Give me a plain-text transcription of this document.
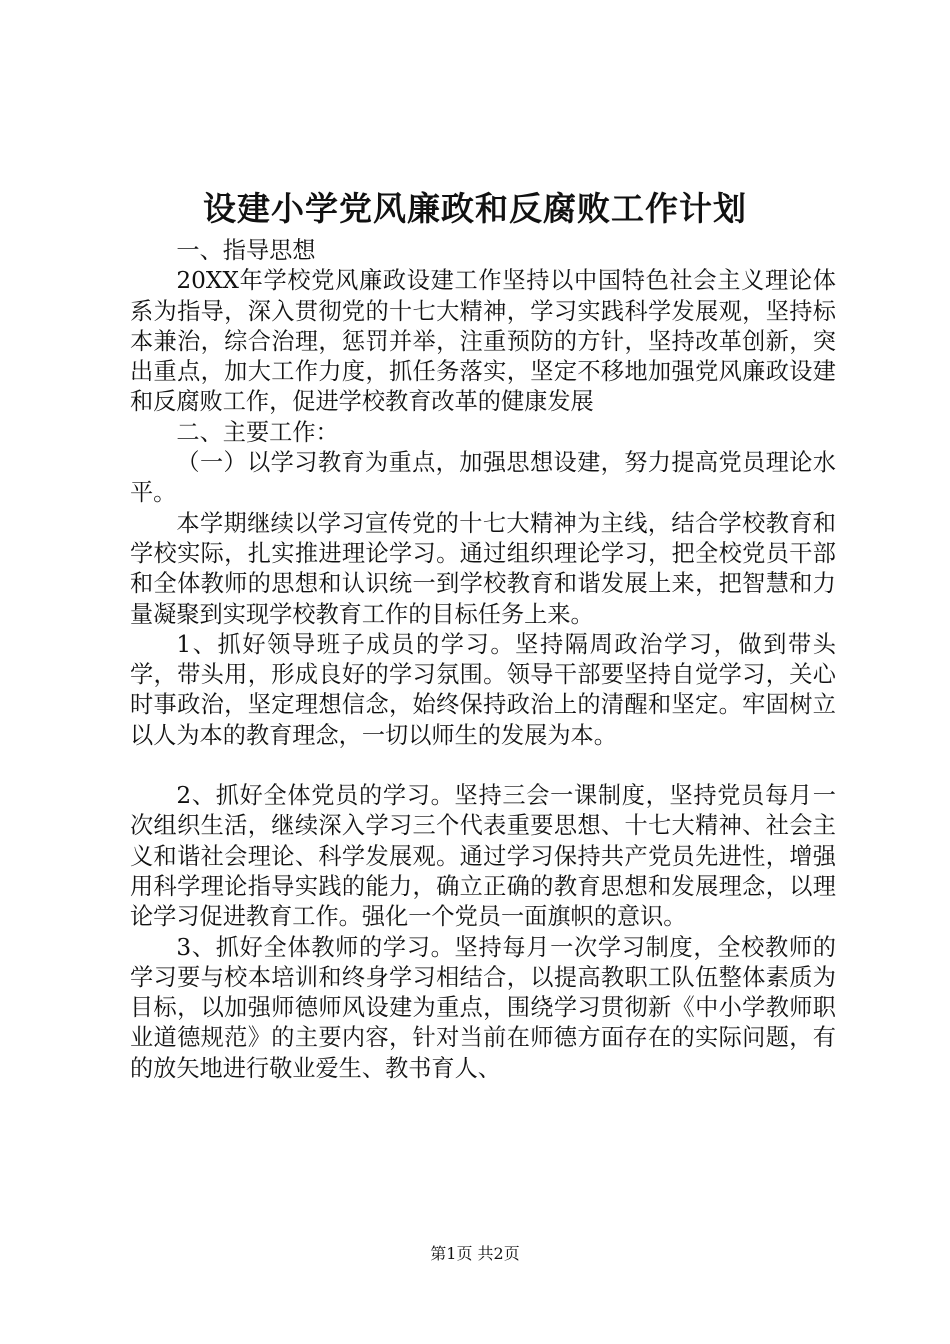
设建小学党风廉政和反腐败工作计划

一、指导思想

20XX年学校党风廉政设建工作坚持以中国特色社会主义理论体系为指导，深入贯彻党的十七大精神，学习实践科学发展观，坚持标本兼治，综合治理，惩罚并举，注重预防的方针，坚持改革创新，突出重点，加大工作力度，抓任务落实，坚定不移地加强党风廉政设建和反腐败工作，促进学校教育改革的健康发展

二、主要工作：

（一）以学习教育为重点，加强思想设建，努力提高党员理论水平。

本学期继续以学习宣传党的十七大精神为主线，结合学校教育和学校实际，扎实推进理论学习。通过组织理论学习，把全校党员干部和全体教师的思想和认识统一到学校教育和谐发展上来，把智慧和力量凝聚到实现学校教育工作的目标任务上来。

1、抓好领导班子成员的学习。坚持隔周政治学习，做到带头学，带头用，形成良好的学习氛围。领导干部要坚持自觉学习，关心时事政治，坚定理想信念，始终保持政治上的清醒和坚定。牢固树立以人为本的教育理念，一切以师生的发展为本。

2、抓好全体党员的学习。坚持三会一课制度，坚持党员每月一次组织生活，继续深入学习三个代表重要思想、十七大精神、社会主义和谐社会理论、科学发展观。通过学习保持共产党员先进性，增强用科学理论指导实践的能力，确立正确的教育思想和发展理念，以理论学习促进教育工作。强化一个党员一面旗帜的意识。

3、抓好全体教师的学习。坚持每月一次学习制度，全校教师的学习要与校本培训和终身学习相结合，以提高教职工队伍整体素质为目标，以加强师德师风设建为重点，围绕学习贯彻新《中小学教师职业道德规范》的主要内容，针对当前在师德方面存在的实际问题，有的放矢地进行敬业爱生、教书育人、

第1页 共2页
